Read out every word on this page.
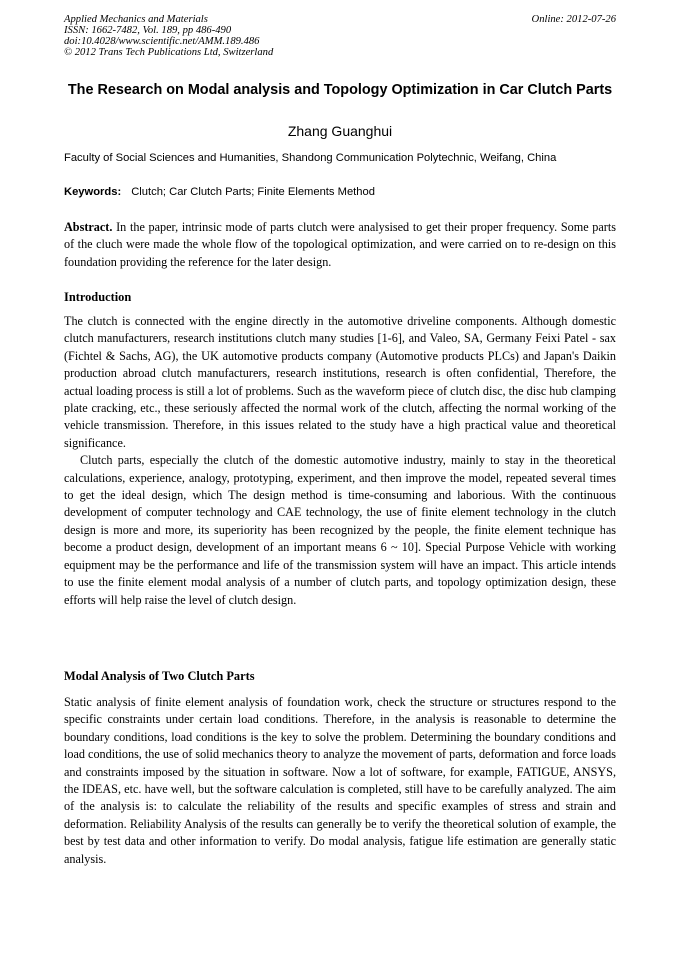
Applied Mechanics and Materials
ISSN: 1662-7482, Vol. 189, pp 486-490
doi:10.4028/www.scientific.net/AMM.189.486
© 2012 Trans Tech Publications Ltd, Switzerland
Online: 2012-07-26
The Research on Modal analysis and Topology Optimization in Car Clutch Parts
Zhang Guanghui
Faculty of Social Sciences and Humanities, Shandong Communication Polytechnic, Weifang, China
Keywords: Clutch; Car Clutch Parts; Finite Elements Method
Abstract. In the paper, intrinsic mode of parts clutch were analysised to get their proper frequency. Some parts of the cluch were made the whole flow of the topological optimization, and were carried on to re-design on this foundation providing the reference for the later design.
Introduction

The clutch is connected with the engine directly in the automotive driveline components. Although domestic clutch manufacturers, research institutions clutch many studies [1-6], and Valeo, SA, Germany Feixi Patel - sax (Fichtel & Sachs, AG), the UK automotive products company (Automotive products PLCs) and Japan's Daikin production abroad clutch manufacturers, research institutions, research is often confidential, Therefore, the actual loading process is still a lot of problems. Such as the waveform piece of clutch disc, the disc hub clamping plate cracking, etc., these seriously affected the normal work of the clutch, affecting the normal working of the vehicle transmission. Therefore, in this issues related to the study have a high practical value and theoretical significance.

Clutch parts, especially the clutch of the domestic automotive industry, mainly to stay in the theoretical calculations, experience, analogy, prototyping, experiment, and then improve the model, repeated several times to get the ideal design, which The design method is time-consuming and laborious. With the continuous development of computer technology and CAE technology, the use of finite element technology in the clutch design is more and more, its superiority has been recognized by the people, the finite element technique has become a product design, development of an important means 6 ~ 10]. Special Purpose Vehicle with working equipment may be the performance and life of the transmission system will have an impact. This article intends to use the finite element modal analysis of a number of clutch parts, and topology optimization design, these efforts will help raise the level of clutch design.

Modal Analysis of Two Clutch Parts

Static analysis of finite element analysis of foundation work, check the structure or structures respond to the specific constraints under certain load conditions. Therefore, in the analysis is reasonable to determine the boundary conditions, load conditions is the key to solve the problem. Determining the boundary conditions and load conditions, the use of solid mechanics theory to analyze the movement of parts, deformation and force loads and constraints imposed by the situation in software. Now a lot of software, for example, FATIGUE, ANSYS, the IDEAS, etc. have well, but the software calculation is completed, still have to be carefully analyzed. The aim of the analysis is: to calculate the reliability of the results and specific examples of stress and strain and deformation. Reliability Analysis of the results can generally be to verify the theoretical solution of example, the best by test data and other information to verify. Do modal analysis, fatigue life estimation are generally static analysis.
